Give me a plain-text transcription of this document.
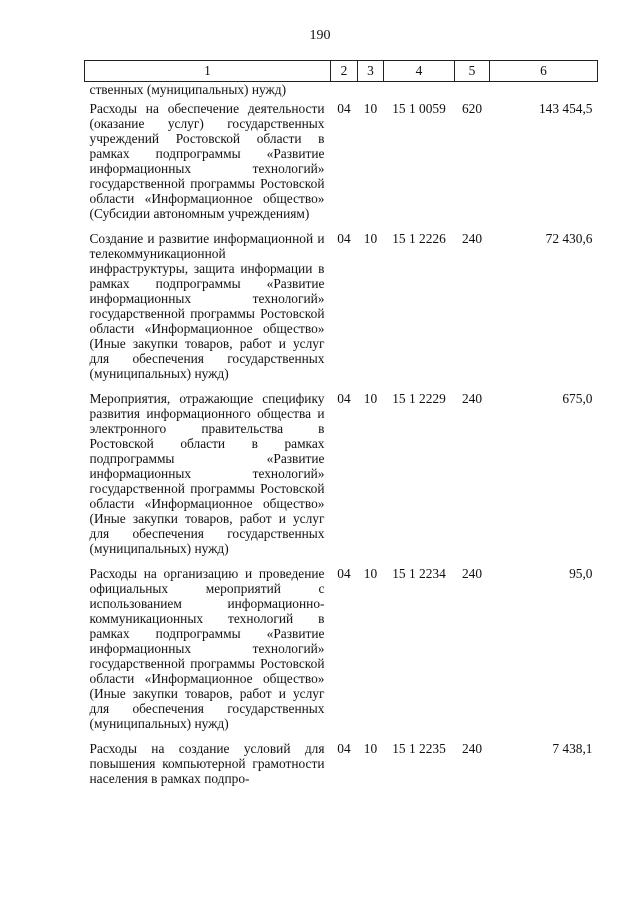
190
1	2	3	4	5	6
ственных (муниципальных) нужд)					
Расходы на обеспечение деятельности (оказание услуг) государственных учреждений Ростовской области в рамках подпрограммы «Развитие информационных технологий» государственной программы Ростовской области «Информационное общество» (Субсидии автономным учреждениям)	04	10	15 1 0059	620	143 454,5
Создание и развитие информационной и телекоммуникационной инфраструктуры, защита информации в рамках подпрограммы «Развитие информационных технологий» государственной программы Ростовской области «Информационное общество» (Иные закупки товаров, работ и услуг для обеспечения государственных (муниципальных) нужд)	04	10	15 1 2226	240	72 430,6
Мероприятия, отражающие специфику развития информационного общества и электронного правительства в Ростовской области в рамках подпрограммы «Развитие информационных технологий» государственной программы Ростовской области «Информационное общество» (Иные закупки товаров, работ и услуг для обеспечения государственных (муниципальных) нужд)	04	10	15 1 2229	240	675,0
Расходы на организацию и проведение официальных мероприятий с использованием информационно-коммуникационных технологий в рамках подпрограммы «Развитие информационных технологий» государственной программы Ростовской области «Информационное общество» (Иные закупки товаров, работ и услуг для обеспечения государственных (муниципальных) нужд)	04	10	15 1 2234	240	95,0
Расходы на создание условий для повышения компьютерной грамотности населения в рамках подпро-	04	10	15 1 2235	240	7 438,1
